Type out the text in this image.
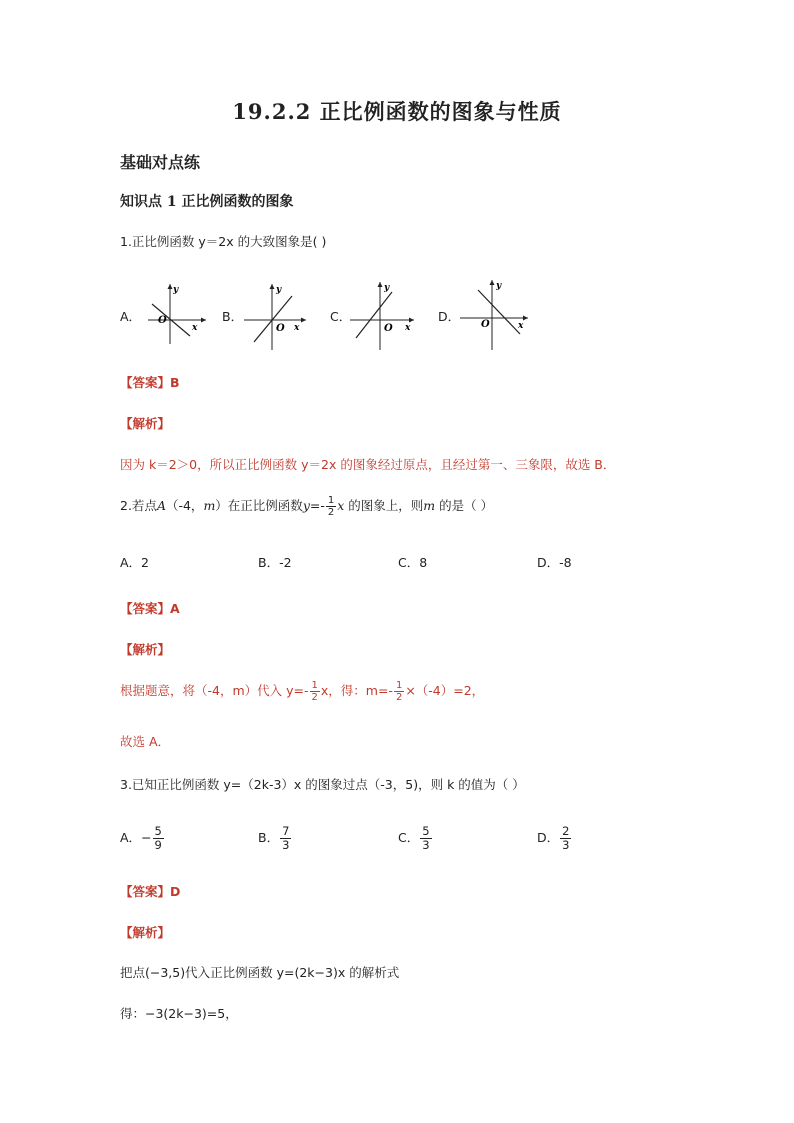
19.2.2 正比例函数的图象与性质
基础对点练
知识点 1 正比例函数的图象
1.正比例函数 y＝2x 的大致图象是( )
A．
y
x
O	B．
y
x
O
C．
y
x
O
D．
y
x
O
【答案】B
【解析】
因为 k＝2＞0，所以正比例函数 y＝2x 的图象经过原点，且经过第一、三象限，故选 B．
2.若点A（-4，m）在正比例函数$y=- \frac{1}{2}$ x 的图象上，则m 的是（ ）
A．2	B．-2	C．8	D．-8
【答案】A
【解析】
根据题意，将（-4，m）代入 $y=- \frac{1}{2}$ x，得：$m=- \frac{1}{2} \times(-4)=2$，
故选 A．
3.已知正比例函数 y=（2k-3）x 的图象过点（-3，5)，则 k 的值为（ ）
A．− $\frac{5}{9}$	B． $\frac{7}{3}$	C． $\frac{5}{3}$	D． $\frac{2}{3}$
【答案】D
【解析】
把点(−3,5)代入正比例函数 y=(2k−3)x 的解析式
得：−3(2k−3)=5，
